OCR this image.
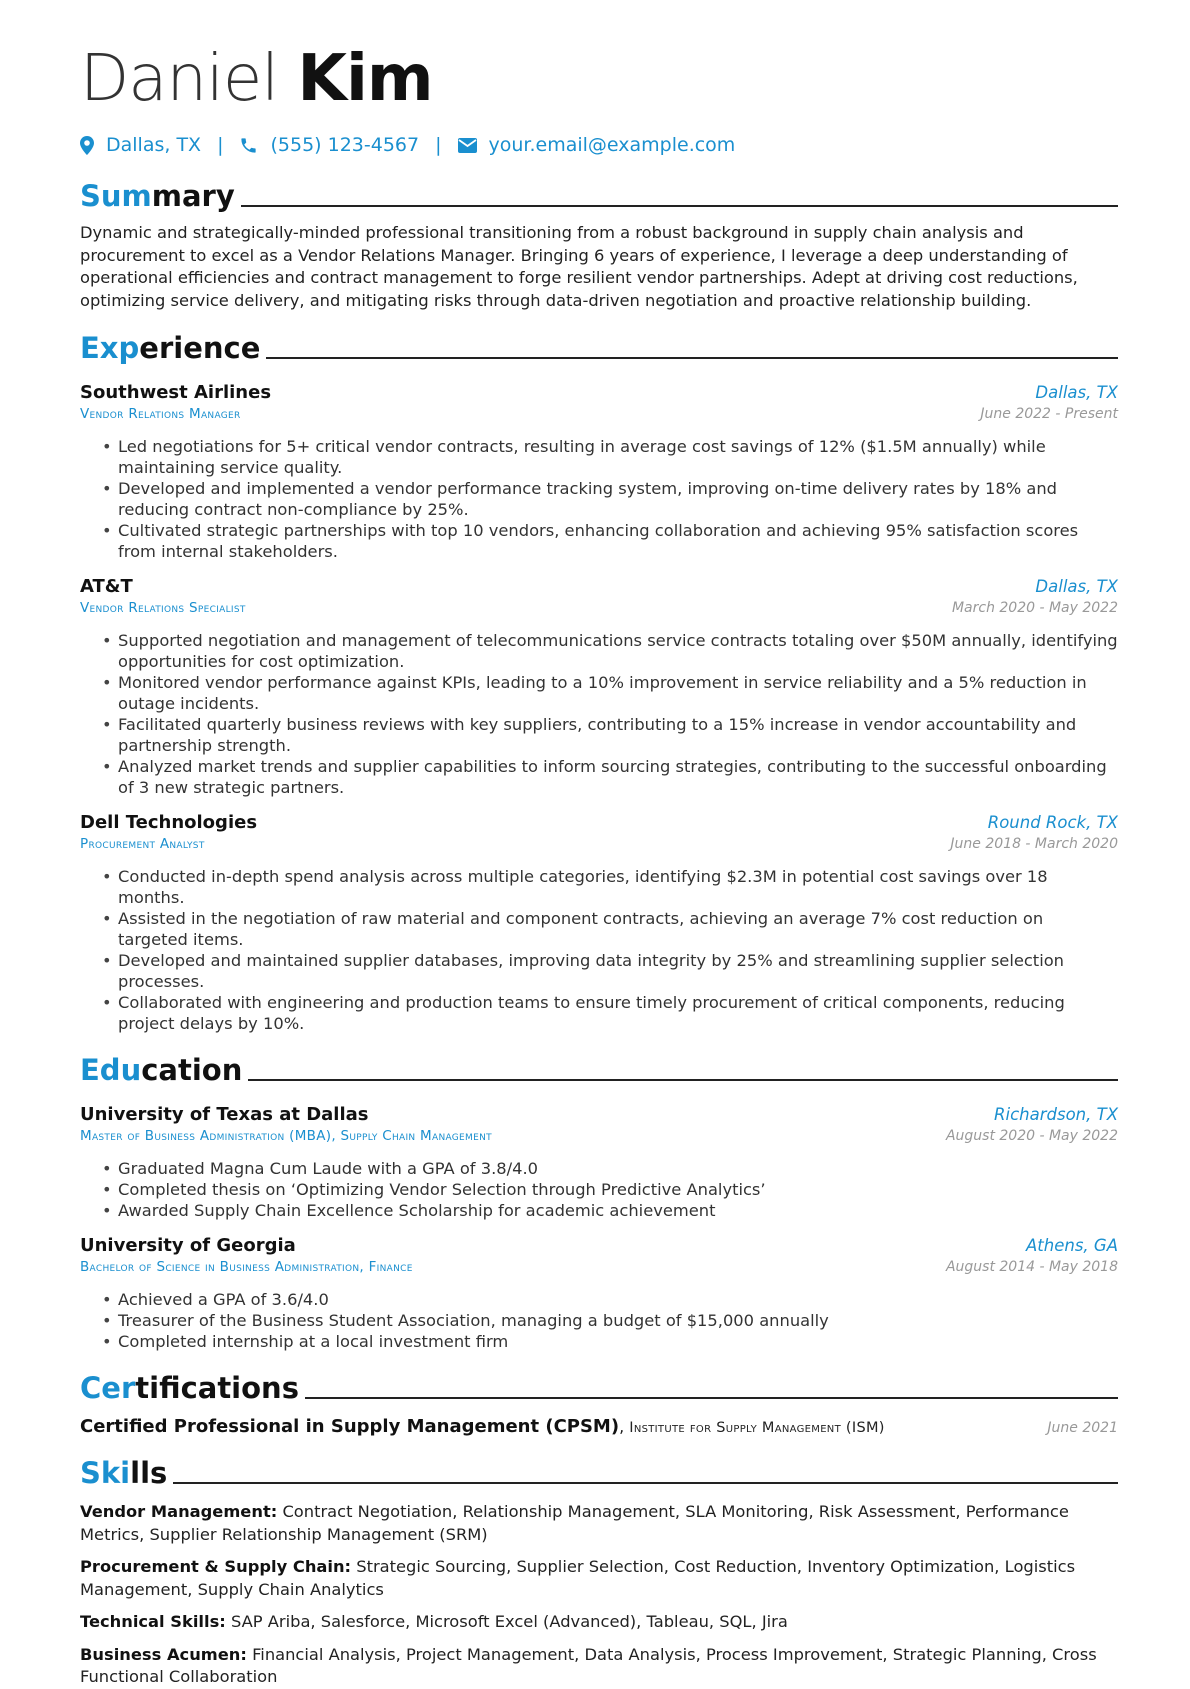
Daniel Kim
Dallas, TX | (555) 123-4567 | your.email@example.com
Summary

Dynamic and strategically-minded professional transitioning from a robust background in supply chain analysis and procurement to excel as a Vendor Relations Manager. Bringing 6 years of experience, I leverage a deep understanding of operational efficiencies and contract management to forge resilient vendor partnerships. Adept at driving cost reductions, optimizing service delivery, and mitigating risks through data-driven negotiation and proactive relationship building.

Experience
Southwest Airlines	Dallas, TX
Vendor Relations Manager	June 2022 - Present
• Led negotiations for 5+ critical vendor contracts, resulting in average cost savings of 12% ($1.5M annually) while maintaining service quality.
• Developed and implemented a vendor performance tracking system, improving on-time delivery rates by 18% and reducing contract non-compliance by 25%.
• Cultivated strategic partnerships with top 10 vendors, enhancing collaboration and achieving 95% satisfaction scores from internal stakeholders.
AT&T	Dallas, TX
Vendor Relations Specialist	March 2020 - May 2022
• Supported negotiation and management of telecommunications service contracts totaling over $50M annually, identifying opportunities for cost optimization.
• Monitored vendor performance against KPIs, leading to a 10% improvement in service reliability and a 5% reduction in outage incidents.
• Facilitated quarterly business reviews with key suppliers, contributing to a 15% increase in vendor accountability and partnership strength.
• Analyzed market trends and supplier capabilities to inform sourcing strategies, contributing to the successful onboarding of 3 new strategic partners.
Dell Technologies	Round Rock, TX
Procurement Analyst	June 2018 - March 2020
• Conducted in-depth spend analysis across multiple categories, identifying $2.3M in potential cost savings over 18 months.
• Assisted in the negotiation of raw material and component contracts, achieving an average 7% cost reduction on targeted items.
• Developed and maintained supplier databases, improving data integrity by 25% and streamlining supplier selection processes.
• Collaborated with engineering and production teams to ensure timely procurement of critical components, reducing project delays by 10%.
Education
University of Texas at Dallas	Richardson, TX
Master of Business Administration (MBA), Supply Chain Management	August 2020 - May 2022
• Graduated Magna Cum Laude with a GPA of 3.8/4.0
• Completed thesis on ‘Optimizing Vendor Selection through Predictive Analytics’
• Awarded Supply Chain Excellence Scholarship for academic achievement
University of Georgia	Athens, GA
Bachelor of Science in Business Administration, Finance	August 2014 - May 2018
• Achieved a GPA of 3.6/4.0
• Treasurer of the Business Student Association, managing a budget of $15,000 annually
• Completed internship at a local investment firm
Certifications
Certified Professional in Supply Management (CPSM), Institute for Supply Management (ISM)	June 2021
Skills
Vendor Management: Contract Negotiation, Relationship Management, SLA Monitoring, Risk Assessment, Performance Metrics, Supplier Relationship Management (SRM)
Procurement & Supply Chain: Strategic Sourcing, Supplier Selection, Cost Reduction, Inventory Optimization, Logistics Management, Supply Chain Analytics
Technical Skills: SAP Ariba, Salesforce, Microsoft Excel (Advanced), Tableau, SQL, Jira
Business Acumen: Financial Analysis, Project Management, Data Analysis, Process Improvement, Strategic Planning, Cross Functional Collaboration
